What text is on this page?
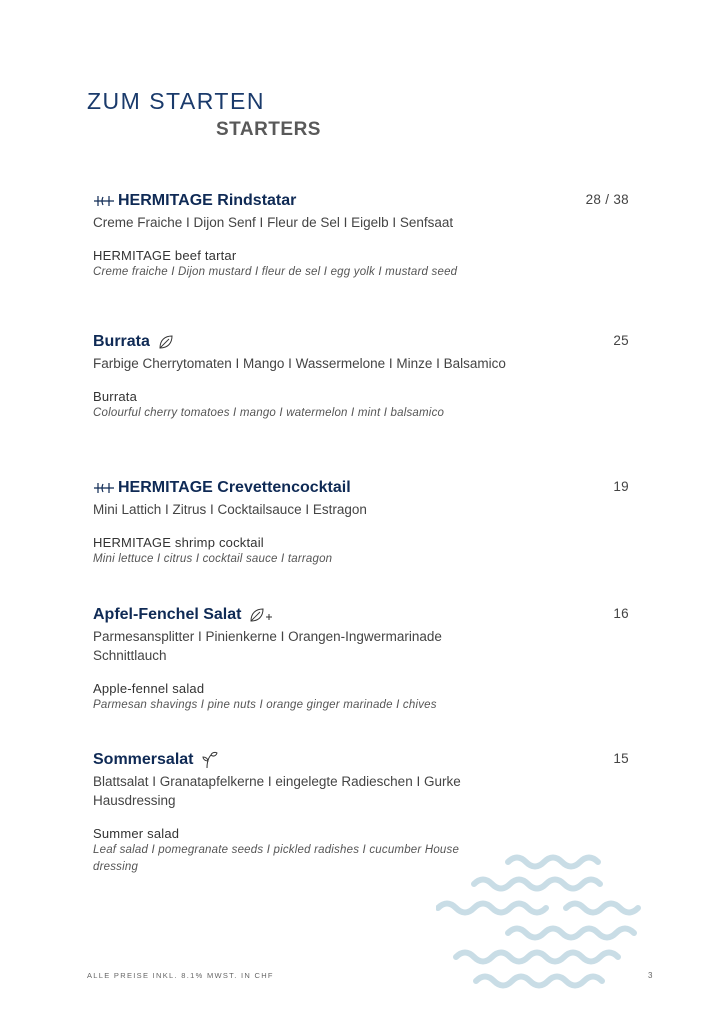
ZUM STARTEN
STARTERS
HERMITAGE Rindstatar	28 / 38
Creme Fraiche I Dijon Senf I Fleur de Sel I Eigelb I Senfsaat
HERMITAGE beef tartar
Creme fraiche I Dijon mustard I fleur de sel I egg yolk I mustard seed
Burrata	25
Farbige Cherrytomaten I Mango I Wassermelone I Minze I Balsamico
Burrata
Colourful cherry tomatoes I mango I watermelon I mint I balsamico
HERMITAGE Crevettencocktail	19
Mini Lattich I Zitrus I Cocktailsauce I Estragon
HERMITAGE shrimp cocktail
Mini lettuce I citrus I cocktail sauce I tarragon
Apfel-Fenchel Salat	16
Parmesansplitter I Pinienkerne I Orangen-Ingwermarinade Schnittlauch
Apple-fennel salad
Parmesan shavings I pine nuts I orange ginger marinade I chives
Sommersalat	15
Blattsalat I Granatapfelkerne I eingelegte Radieschen I Gurke Hausdressing
Summer salad
Leaf salad I pomegranate seeds I pickled radishes I cucumber House dressing
ALLE PREISE INKL. 8.1% MWST. IN CHF	3
